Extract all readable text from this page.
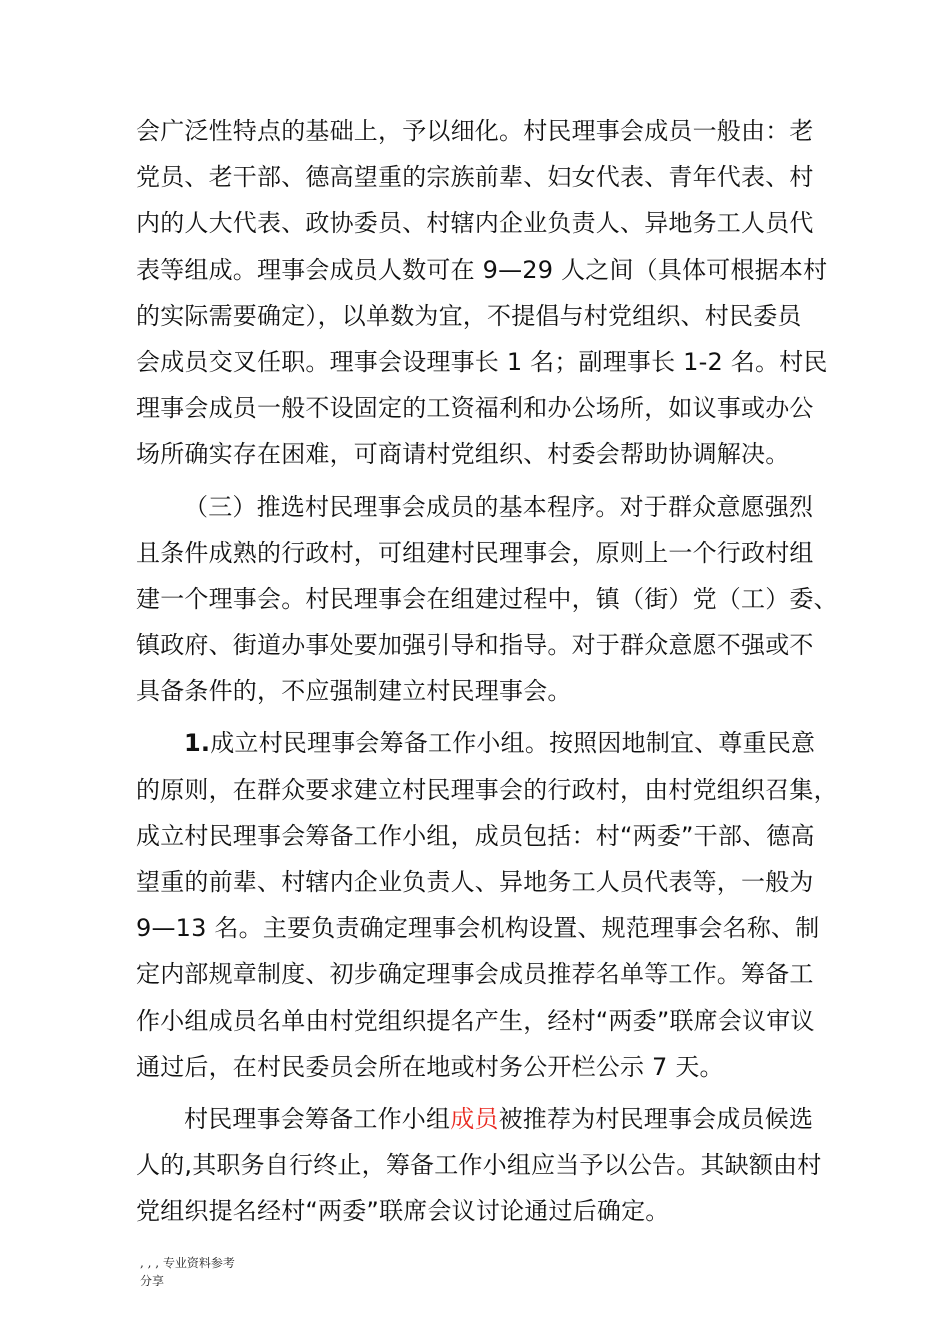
会广泛性特点的基础上，予以细化。村民理事会成员一般由：老
党员、老干部、德高望重的宗族前辈、妇女代表、青年代表、村
内的人大代表、政协委员、村辖内企业负责人、异地务工人员代
表等组成。理事会成员人数可在 9—29 人之间（具体可根据本村
的实际需要确定），以单数为宜，不提倡与村党组织、村民委员
会成员交叉任职。理事会设理事长 1 名；副理事长 1-2 名。村民
理事会成员一般不设固定的工资福利和办公场所，如议事或办公
场所确实存在困难，可商请村党组织、村委会帮助协调解决。
（三）推选村民理事会成员的基本程序。对于群众意愿强烈
且条件成熟的行政村，可组建村民理事会，原则上一个行政村组
建一个理事会。村民理事会在组建过程中，镇（街）党（工）委、
镇政府、街道办事处要加强引导和指导。对于群众意愿不强或不
具备条件的，不应强制建立村民理事会。
1.成立村民理事会筹备工作小组。按照因地制宜、尊重民意
的原则，在群众要求建立村民理事会的行政村，由村党组织召集，
成立村民理事会筹备工作小组，成员包括：村“两委”干部、德高
望重的前辈、村辖内企业负责人、异地务工人员代表等，一般为
9—13 名。主要负责确定理事会机构设置、规范理事会名称、制
定内部规章制度、初步确定理事会成员推荐名单等工作。筹备工
作小组成员名单由村党组织提名产生，经村“两委”联席会议审议
通过后，在村民委员会所在地或村务公开栏公示 7 天。
村民理事会筹备工作小组成员被推荐为村民理事会成员候选
人的,其职务自行终止，筹备工作小组应当予以公告。其缺额由村
党组织提名经村“两委”联席会议讨论通过后确定。
, , , 专业资料参考
分享
